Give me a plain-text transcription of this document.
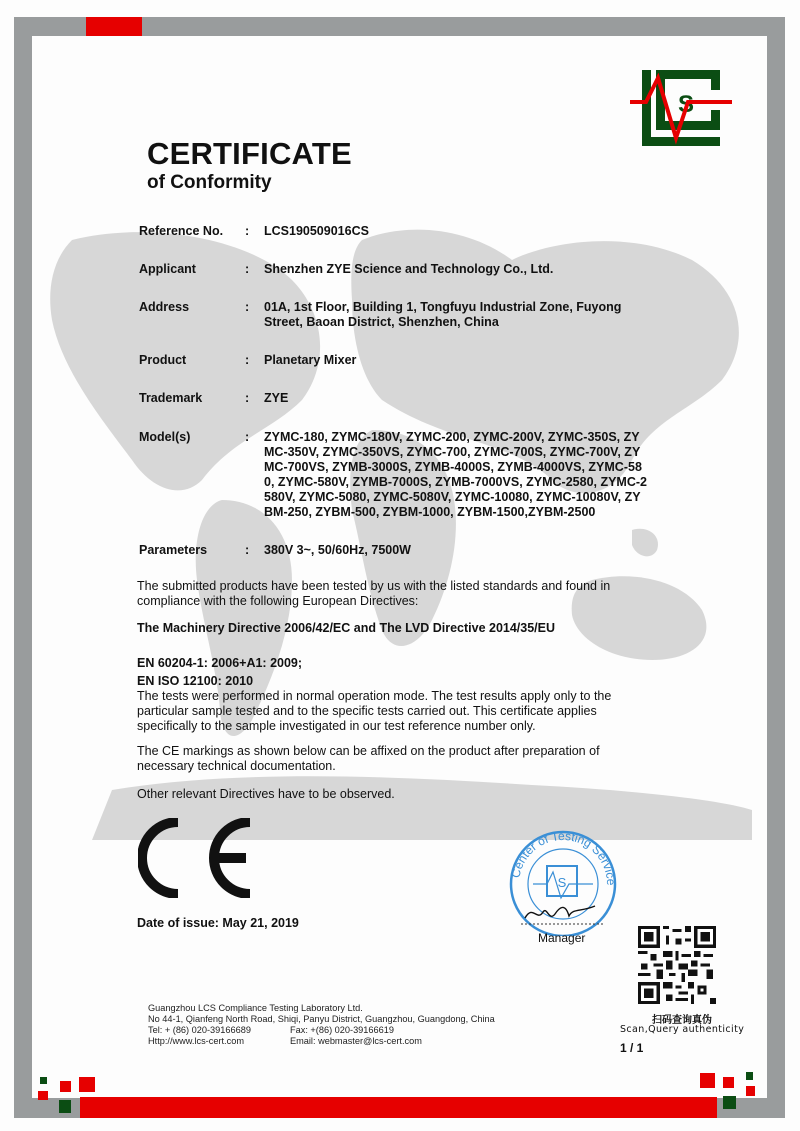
S
CERTIFICATE
of Conformity
Reference No.	: LCS190509016CS
Applicant	: Shenzhen ZYE Science and Technology Co., Ltd.
Address	: 01A, 1st Floor, Building 1, Tongfuyu Industrial Zone, Fuyong Street, Baoan District, Shenzhen, China
Product	: Planetary Mixer
Trademark	: ZYE
Model(s)	: ZYMC-180, ZYMC-180V, ZYMC-200, ZYMC-200V, ZYMC-350S, ZYMC-350V, ZYMC-350VS, ZYMC-700, ZYMC-700S, ZYMC-700V, ZYMC-700VS, ZYMB-3000S, ZYMB-4000S, ZYMB-4000VS, ZYMC-580, ZYMC-580V, ZYMB-7000S, ZYMB-7000VS, ZYMC-2580, ZYMC-2580V, ZYMC-5080, ZYMC-5080V, ZYMC-10080, ZYMC-10080V, ZYBM-250, ZYBM-500, ZYBM-1000, ZYBM-1500,ZYBM-2500
Parameters	: 380V 3~, 50/60Hz, 7500W
The submitted products have been tested by us with the listed standards and found in compliance with the following European Directives:
The Machinery Directive 2006/42/EC and The LVD Directive 2014/35/EU
EN 60204-1: 2006+A1: 2009;
EN ISO 12100: 2010
The tests were performed in normal operation mode. The test results apply only to the particular sample tested and to the specific tests carried out. This certificate applies specifically to the sample investigated in our test reference number only.
The CE markings as shown below can be affixed on the product after preparation of necessary technical documentation.
Other relevant Directives have to be observed.
Date of issue: May 21, 2019
Center of Testing Service
S
Manager
扫码查询真伪
Scan,Query authenticity
1 / 1
Guangzhou LCS Compliance Testing Laboratory Ltd.
No 44-1, Qianfeng North Road, Shiqi, Panyu District, Guangzhou, Guangdong, China
Tel: + (86) 020-39166689	Fax: +(86) 020-39166619
Http://www.lcs-cert.com	Email: webmaster@lcs-cert.com
